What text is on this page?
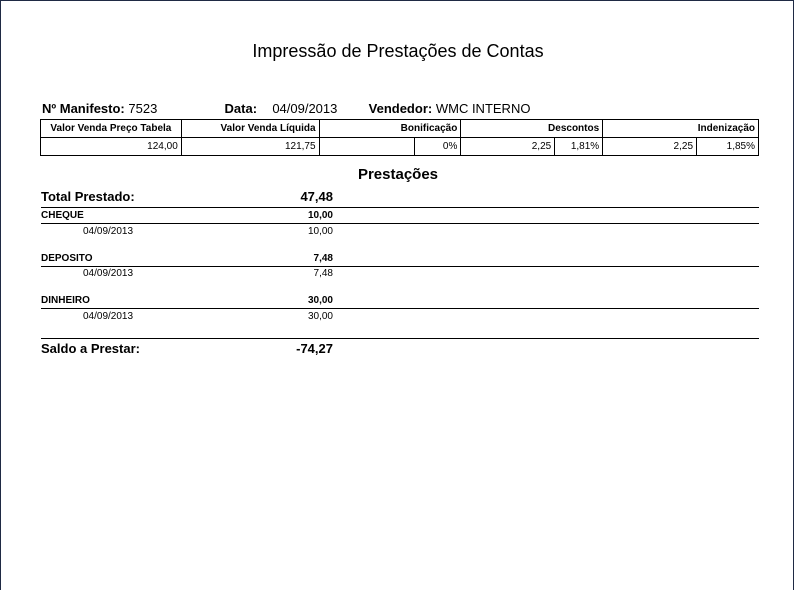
Impressão de Prestações de Contas
Nº Manifesto: 7523	Data: 04/09/2013 Vendedor: WMC INTERNO
Valor Venda Preço Tabela	Valor Venda Líquida	Bonificação		Descontos		Indenização	
124,00	121,75		0%	2,25	1,81%	2,25	1,85%
Prestações
Total Prestado:	47,48
CHEQUE	10,00
04/09/2013	10,00
DEPOSITO	7,48
04/09/2013	7,48
DINHEIRO	30,00
04/09/2013	30,00
Saldo a Prestar:	-74,27
